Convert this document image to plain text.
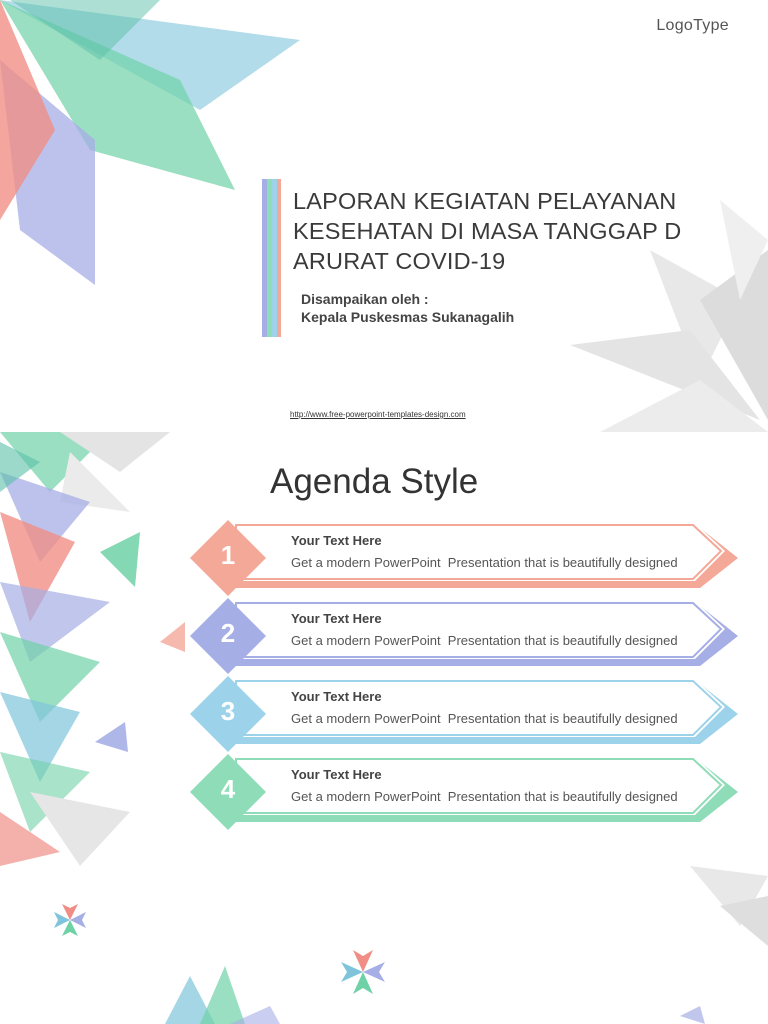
LogoType
LAPORAN KEGIATAN PELAYANAN KESEHATAN DI MASA TANGGAP D ARURAT COVID-19
Disampaikan oleh :
Kepala Puskesmas Sukanagalih
http://www.free-powerpoint-templates-design.com
Agenda Style
1	Your Text Here
Get a modern PowerPoint  Presentation that is beautifully designed
2	Your Text Here
Get a modern PowerPoint  Presentation that is beautifully designed
3	Your Text Here
Get a modern PowerPoint  Presentation that is beautifully designed
4	Your Text Here
Get a modern PowerPoint  Presentation that is beautifully designed
